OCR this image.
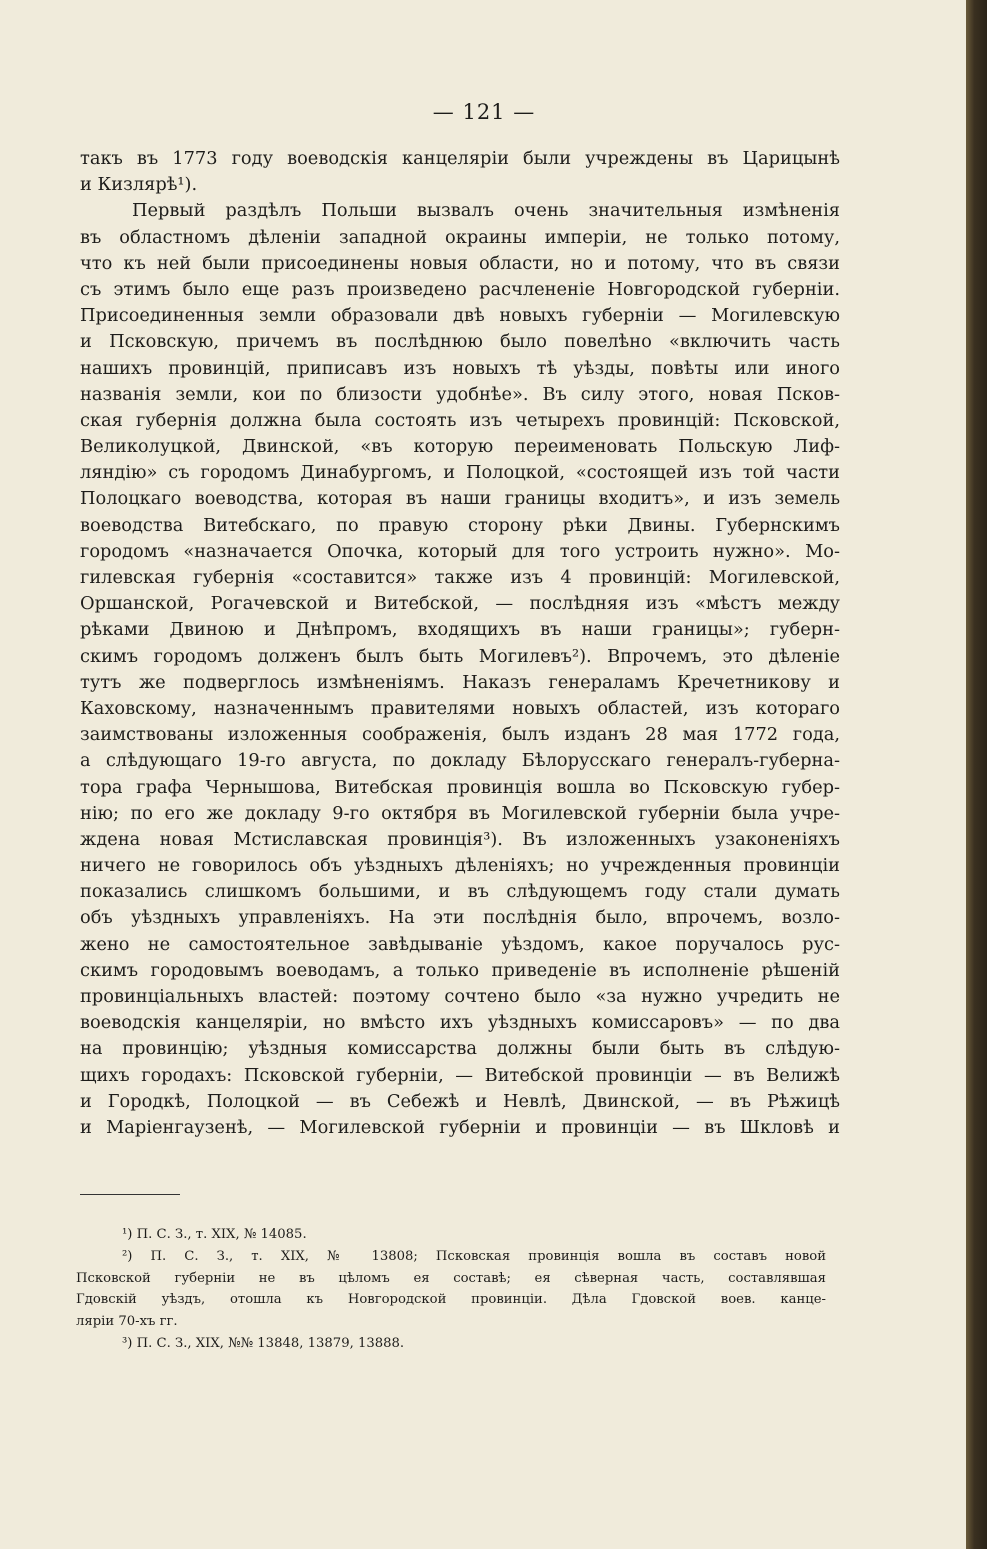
— 121 —
такъ въ 1773 году воеводскія канцеляріи были учреждены въ Царицынѣ
и Кизлярѣ¹).
Первый раздѣлъ Польши вызвалъ очень значительныя измѣненія
въ областномъ дѣленіи западной окраины имперіи, не только потому,
что къ ней были присоединены новыя области, но и потому, что въ связи
съ этимъ было еще разъ произведено расчлененіе Новгородской губерніи.
Присоединенныя земли образовали двѣ новыхъ губерніи — Могилевскую
и Псковскую, причемъ въ послѣднюю было повелѣно «включить часть
нашихъ провинцій, приписавъ изъ новыхъ тѣ уѣзды, повѣты или иного
названія земли, кои по близости удобнѣе». Въ силу этого, новая Псков-
ская губернія должна была состоять изъ четырехъ провинцій: Псковской,
Великолуцкой, Двинской, «въ которую переименовать Польскую Лиф-
ляндію» съ городомъ Динабургомъ, и Полоцкой, «состоящей изъ той части
Полоцкаго воеводства, которая въ наши границы входитъ», и изъ земель
воеводства Витебскаго, по правую сторону рѣки Двины. Губернскимъ
городомъ «назначается Опочка, который для того устроить нужно». Мо-
гилевская губернія «составится» также изъ 4 провинцій: Могилевской,
Оршанской, Рогачевской и Витебской, — послѣдняя изъ «мѣстъ между
рѣками Двиною и Днѣпромъ, входящихъ въ наши границы»; губерн-
скимъ городомъ долженъ былъ быть Могилевъ²). Впрочемъ, это дѣленіе
тутъ же подверглось измѣненіямъ. Наказъ генераламъ Кречетникову и
Каховскому, назначеннымъ правителями новыхъ областей, изъ котораго
заимствованы изложенныя соображенія, былъ изданъ 28 мая 1772 года,
а слѣдующаго 19-го августа, по докладу Бѣлорусскаго генералъ-губерна-
тора графа Чернышова, Витебская провинція вошла во Псковскую губер-
нію; по его же докладу 9-го октября въ Могилевской губерніи была учре-
ждена новая Мстиславская провинція³). Въ изложенныхъ узаконеніяхъ
ничего не говорилось объ уѣздныхъ дѣленіяхъ; но учрежденныя провинціи
показались слишкомъ большими, и въ слѣдующемъ году стали думать
объ уѣздныхъ управленіяхъ. На эти послѣднія было, впрочемъ, возло-
жено не самостоятельное завѣдываніе уѣздомъ, какое поручалось рус-
скимъ городовымъ воеводамъ, а только приведеніе въ исполненіе рѣшеній
провинціальныхъ властей: поэтому сочтено было «за нужно учредить не
воеводскія канцеляріи, но вмѣсто ихъ уѣздныхъ комиссаровъ» — по два
на провинцію; уѣздныя комиссарства должны были быть въ слѣдую-
щихъ городахъ: Псковской губерніи, — Витебской провинціи — въ Велижѣ
и Городкѣ, Полоцкой — въ Себежѣ и Невлѣ, Двинской, — въ Рѣжицѣ
и Маріенгаузенѣ, — Могилевской губерніи и провинціи — въ Шкловѣ и
¹) П. С. З., т. XIX, № 14085.
²) П. С. З., т. XIX, № 13808; Псковская провинція вошла въ составъ новой
Псковской губерніи не въ цѣломъ ея составѣ; ея сѣверная часть, составлявшая
Гдовскій уѣздъ, отошла къ Новгородской провинціи. Дѣла Гдовской воев. канце-
ляріи 70-хъ гг.
³) П. С. З., XIX, №№ 13848, 13879, 13888.
